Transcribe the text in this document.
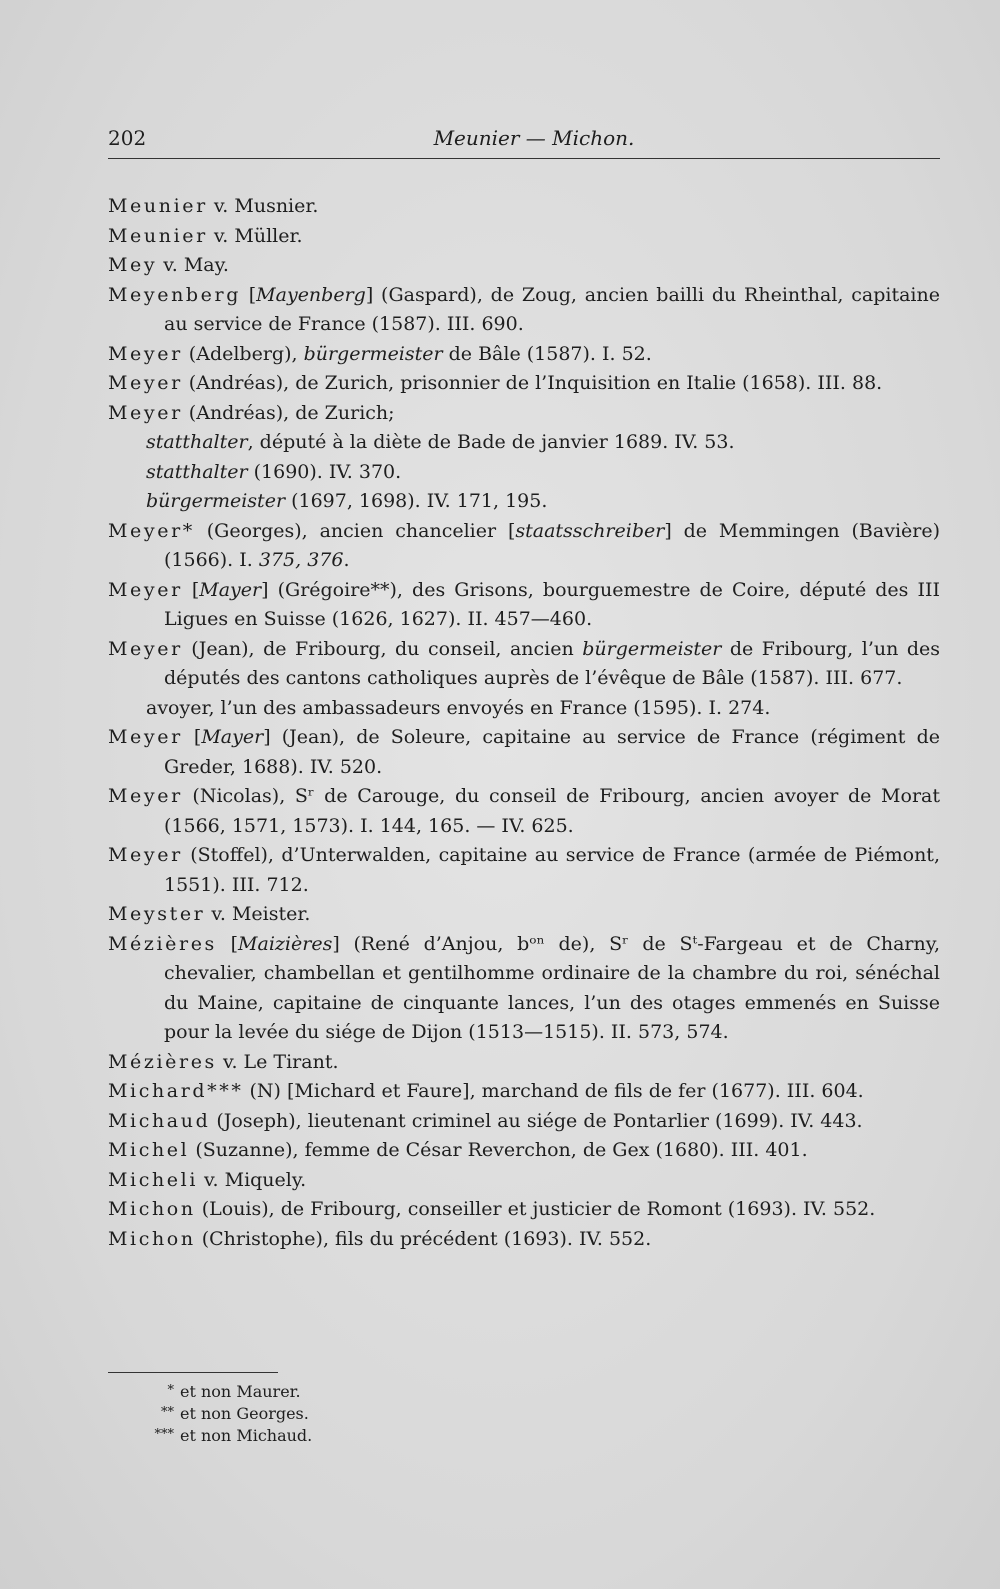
202	Meunier — Michon.
Meunier v. Musnier.
Meunier v. Müller.
Mey v. May.
Meyenberg [Mayenberg] (Gaspard), de Zoug, ancien bailli du Rheinthal, capitaine au service de France (1587). III. 690.
Meyer (Adelberg), bürgermeister de Bâle (1587). I. 52.
Meyer (Andréas), de Zurich, prisonnier de l’Inquisition en Italie (1658). III. 88.
Meyer (Andréas), de Zurich;
statthalter, député à la diète de Bade de janvier 1689. IV. 53.
statthalter (1690). IV. 370.
bürgermeister (1697, 1698). IV. 171, 195.
Meyer* (Georges), ancien chancelier [staatsschreiber] de Memmingen (Bavière) (1566). I. 375, 376.
Meyer [Mayer] (Grégoire**), des Grisons, bourguemestre de Coire, député des III Ligues en Suisse (1626, 1627). II. 457—460.
Meyer (Jean), de Fribourg, du conseil, ancien bürgermeister de Fribourg, l’un des députés des cantons catholiques auprès de l’évêque de Bâle (1587). III. 677.
avoyer, l’un des ambassadeurs envoyés en France (1595). I. 274.
Meyer [Mayer] (Jean), de Soleure, capitaine au service de France (régiment de Greder, 1688). IV. 520.
Meyer (Nicolas), Sʳ de Carouge, du conseil de Fribourg, ancien avoyer de Morat (1566, 1571, 1573). I. 144, 165. — IV. 625.
Meyer (Stoffel), d’Unterwalden, capitaine au service de France (armée de Piémont, 1551). III. 712.
Meyster v. Meister.
Mézières [Maizières] (René d’Anjou, bᵒⁿ de), Sʳ de Sᵗ-Fargeau et de Charny, chevalier, chambellan et gentilhomme ordinaire de la chambre du roi, sénéchal du Maine, capitaine de cinquante lances, l’un des otages emmenés en Suisse pour la levée du siége de Dijon (1513—1515). II. 573, 574.
Mézières v. Le Tirant.
Michard*** (N) [Michard et Faure], marchand de fils de fer (1677). III. 604.
Michaud (Joseph), lieutenant criminel au siége de Pontarlier (1699). IV. 443.
Michel (Suzanne), femme de César Reverchon, de Gex (1680). III. 401.
Micheli v. Miquely.
Michon (Louis), de Fribourg, conseiller et justicier de Romont (1693). IV. 552.
Michon (Christophe), fils du précédent (1693). IV. 552.
* et non Maurer.
** et non Georges.
*** et non Michaud.
